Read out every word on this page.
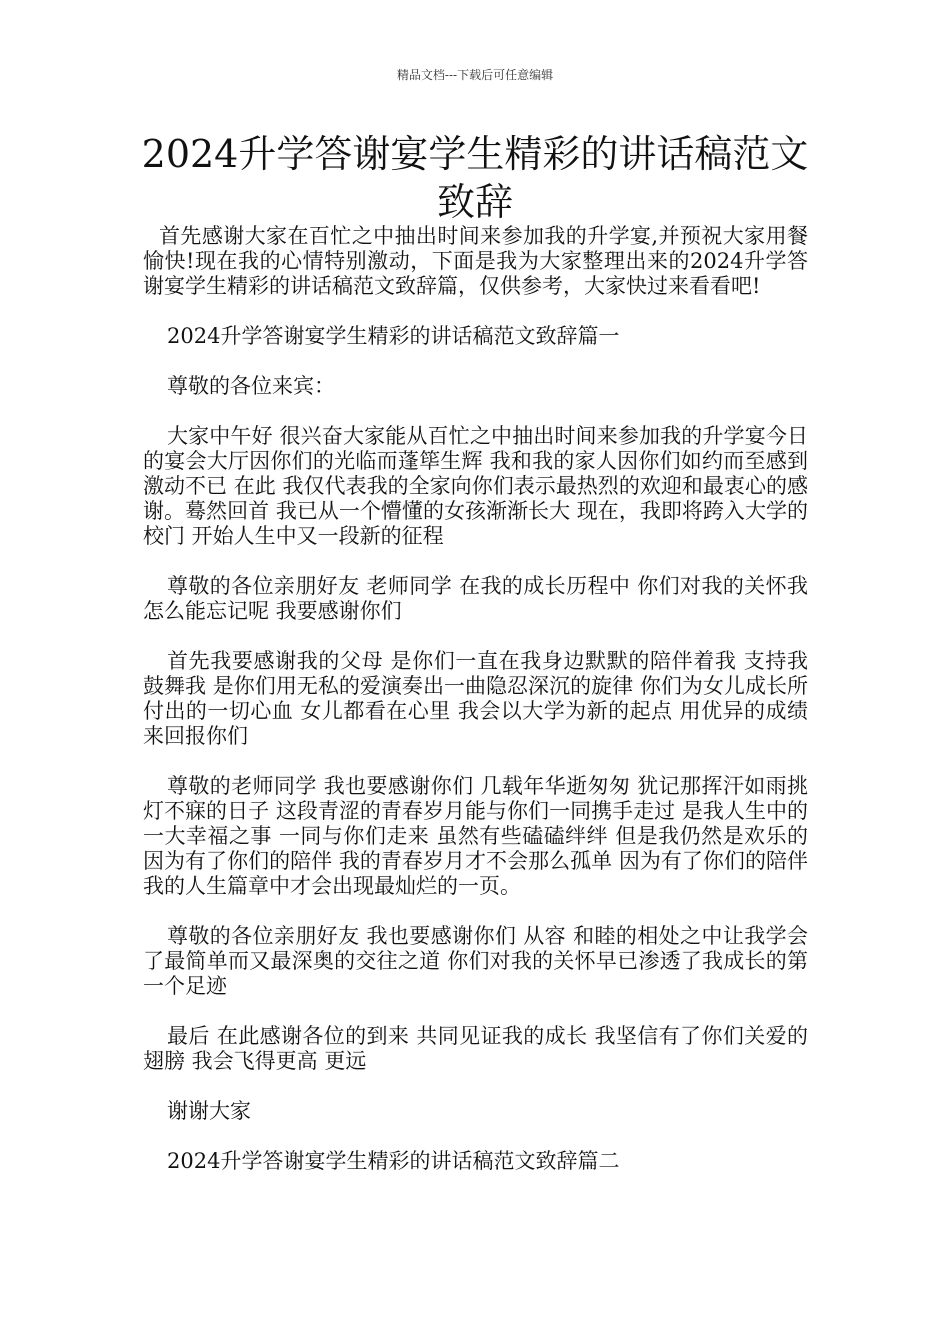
精品文档---下载后可任意编辑
2024升学答谢宴学生精彩的讲话稿范文致辞

首先感谢大家在百忙之中抽出时间来参加我的升学宴,并预祝大家用餐愉快!现在我的心情特别激动，下面是我为大家整理出来的2024升学答谢宴学生精彩的讲话稿范文致辞篇，仅供参考，大家快过来看看吧!

2024升学答谢宴学生精彩的讲话稿范文致辞篇一

尊敬的各位来宾：

大家中午好 很兴奋大家能从百忙之中抽出时间来参加我的升学宴今日的宴会大厅因你们的光临而蓬筚生辉 我和我的家人因你们如约而至感到激动不已 在此 我仅代表我的全家向你们表示最热烈的欢迎和最衷心的感谢。蓦然回首 我已从一个懵懂的女孩渐渐长大 现在，我即将跨入大学的校门 开始人生中又一段新的征程

尊敬的各位亲朋好友 老师同学 在我的成长历程中 你们对我的关怀我怎么能忘记呢 我要感谢你们

首先我要感谢我的父母 是你们一直在我身边默默的陪伴着我 支持我 鼓舞我 是你们用无私的爱演奏出一曲隐忍深沉的旋律 你们为女儿成长所付出的一切心血 女儿都看在心里 我会以大学为新的起点 用优异的成绩来回报你们

尊敬的老师同学 我也要感谢你们 几载年华逝匆匆 犹记那挥汗如雨挑灯不寐的日子 这段青涩的青春岁月能与你们一同携手走过 是我人生中的一大幸福之事 一同与你们走来 虽然有些磕磕绊绊 但是我仍然是欢乐的 因为有了你们的陪伴 我的青春岁月才不会那么孤单 因为有了你们的陪伴 我的人生篇章中才会出现最灿烂的一页。

尊敬的各位亲朋好友 我也要感谢你们 从容 和睦的相处之中让我学会了最简单而又最深奥的交往之道 你们对我的关怀早已渗透了我成长的第一个足迹

最后 在此感谢各位的到来 共同见证我的成长 我坚信有了你们关爱的翅膀 我会飞得更高 更远

谢谢大家

2024升学答谢宴学生精彩的讲话稿范文致辞篇二
